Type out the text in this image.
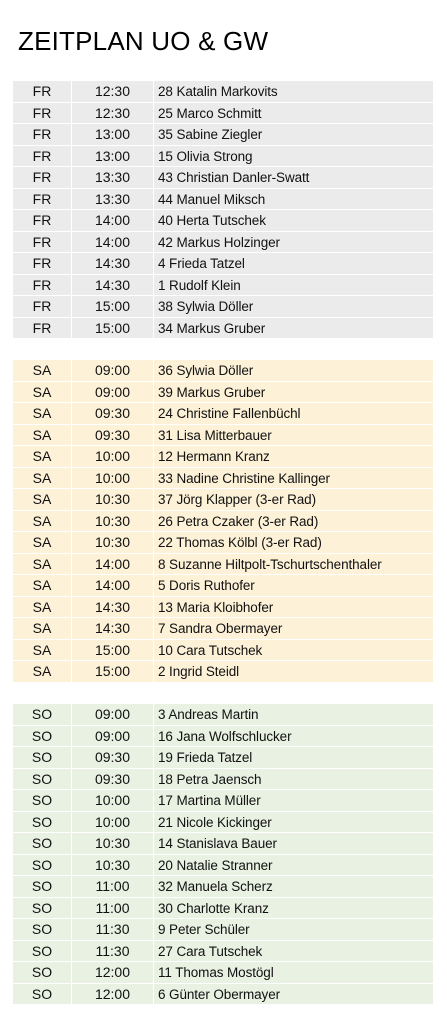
ZEITPLAN UO & GW
FR	12:30	28 Katalin Markovits
FR	12:30	25 Marco Schmitt
FR	13:00	35 Sabine Ziegler
FR	13:00	15 Olivia Strong
FR	13:30	43 Christian Danler-Swatt
FR	13:30	44 Manuel Miksch
FR	14:00	40 Herta Tutschek
FR	14:00	42 Markus Holzinger
FR	14:30	4 Frieda Tatzel
FR	14:30	1 Rudolf Klein
FR	15:00	38 Sylwia Döller
FR	15:00	34 Markus Gruber
SA	09:00	36 Sylwia Döller
SA	09:00	39 Markus Gruber
SA	09:30	24 Christine Fallenbüchl
SA	09:30	31 Lisa Mitterbauer
SA	10:00	12 Hermann Kranz
SA	10:00	33 Nadine Christine Kallinger
SA	10:30	37 Jörg Klapper (3-er Rad)
SA	10:30	26 Petra Czaker (3-er Rad)
SA	10:30	22 Thomas Kölbl (3-er Rad)
SA	14:00	8 Suzanne Hiltpolt-Tschurtschenthaler
SA	14:00	5 Doris Ruthofer
SA	14:30	13 Maria Kloibhofer
SA	14:30	7 Sandra Obermayer
SA	15:00	10 Cara Tutschek
SA	15:00	2 Ingrid Steidl
SO	09:00	3 Andreas Martin
SO	09:00	16 Jana Wolfschlucker
SO	09:30	19 Frieda Tatzel
SO	09:30	18 Petra Jaensch
SO	10:00	17 Martina Müller
SO	10:00	21 Nicole Kickinger
SO	10:30	14 Stanislava Bauer
SO	10:30	20 Natalie Stranner
SO	11:00	32 Manuela Scherz
SO	11:00	30 Charlotte Kranz
SO	11:30	9 Peter Schüler
SO	11:30	27 Cara Tutschek
SO	12:00	11 Thomas Mostögl
SO	12:00	6 Günter Obermayer
